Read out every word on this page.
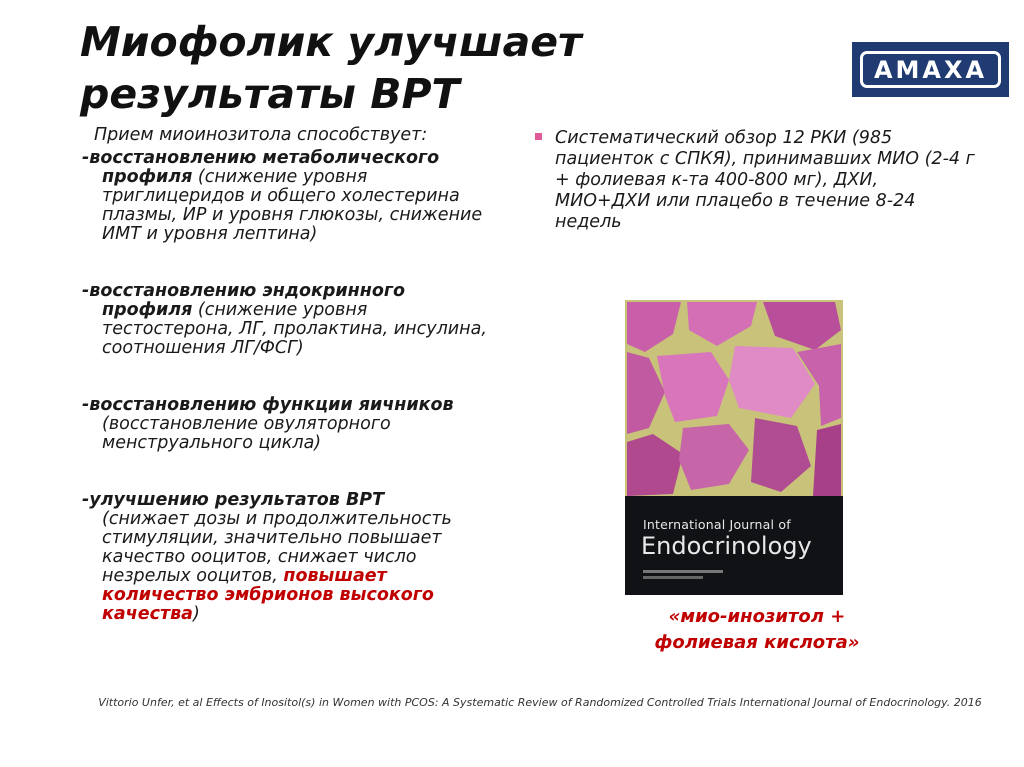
Миофолик улучшает
результаты ВРТ
AMAXA
Прием миоинозитола способствует:
-восстановлению метаболического
профиля (снижение уровня триглицеридов и общего холестерина плазмы, ИР и уровня глюкозы, снижение ИМТ и уровня лептина)
-восстановлению эндокринного
профиля (снижение уровня тестостерона, ЛГ, пролактина, инсулина, соотношения ЛГ/ФСГ)
-восстановлению функции яичников
(восстановление овуляторного менструального цикла)
-улучшению результатов ВРТ
(снижает дозы и продолжительность стимуляции, значительно повышает качество ооцитов, снижает число незрелых ооцитов, повышает количество эмбрионов высокого качества)
Систематический обзор 12 РКИ (985 пациенток с СПКЯ), принимавших МИО (2-4 г + фолиевая к-та 400-800 мг), ДХИ, МИО+ДХИ или плацебо в течение 8-24 недель
International Journal of
Endocrinology
«мио-инозитол +
фолиевая кислота»
Vittorio Unfer, et al Effects of Inositol(s) in Women with PCOS: A Systematic Review of Randomized Controlled Trials International Journal of Endocrinology. 2016
